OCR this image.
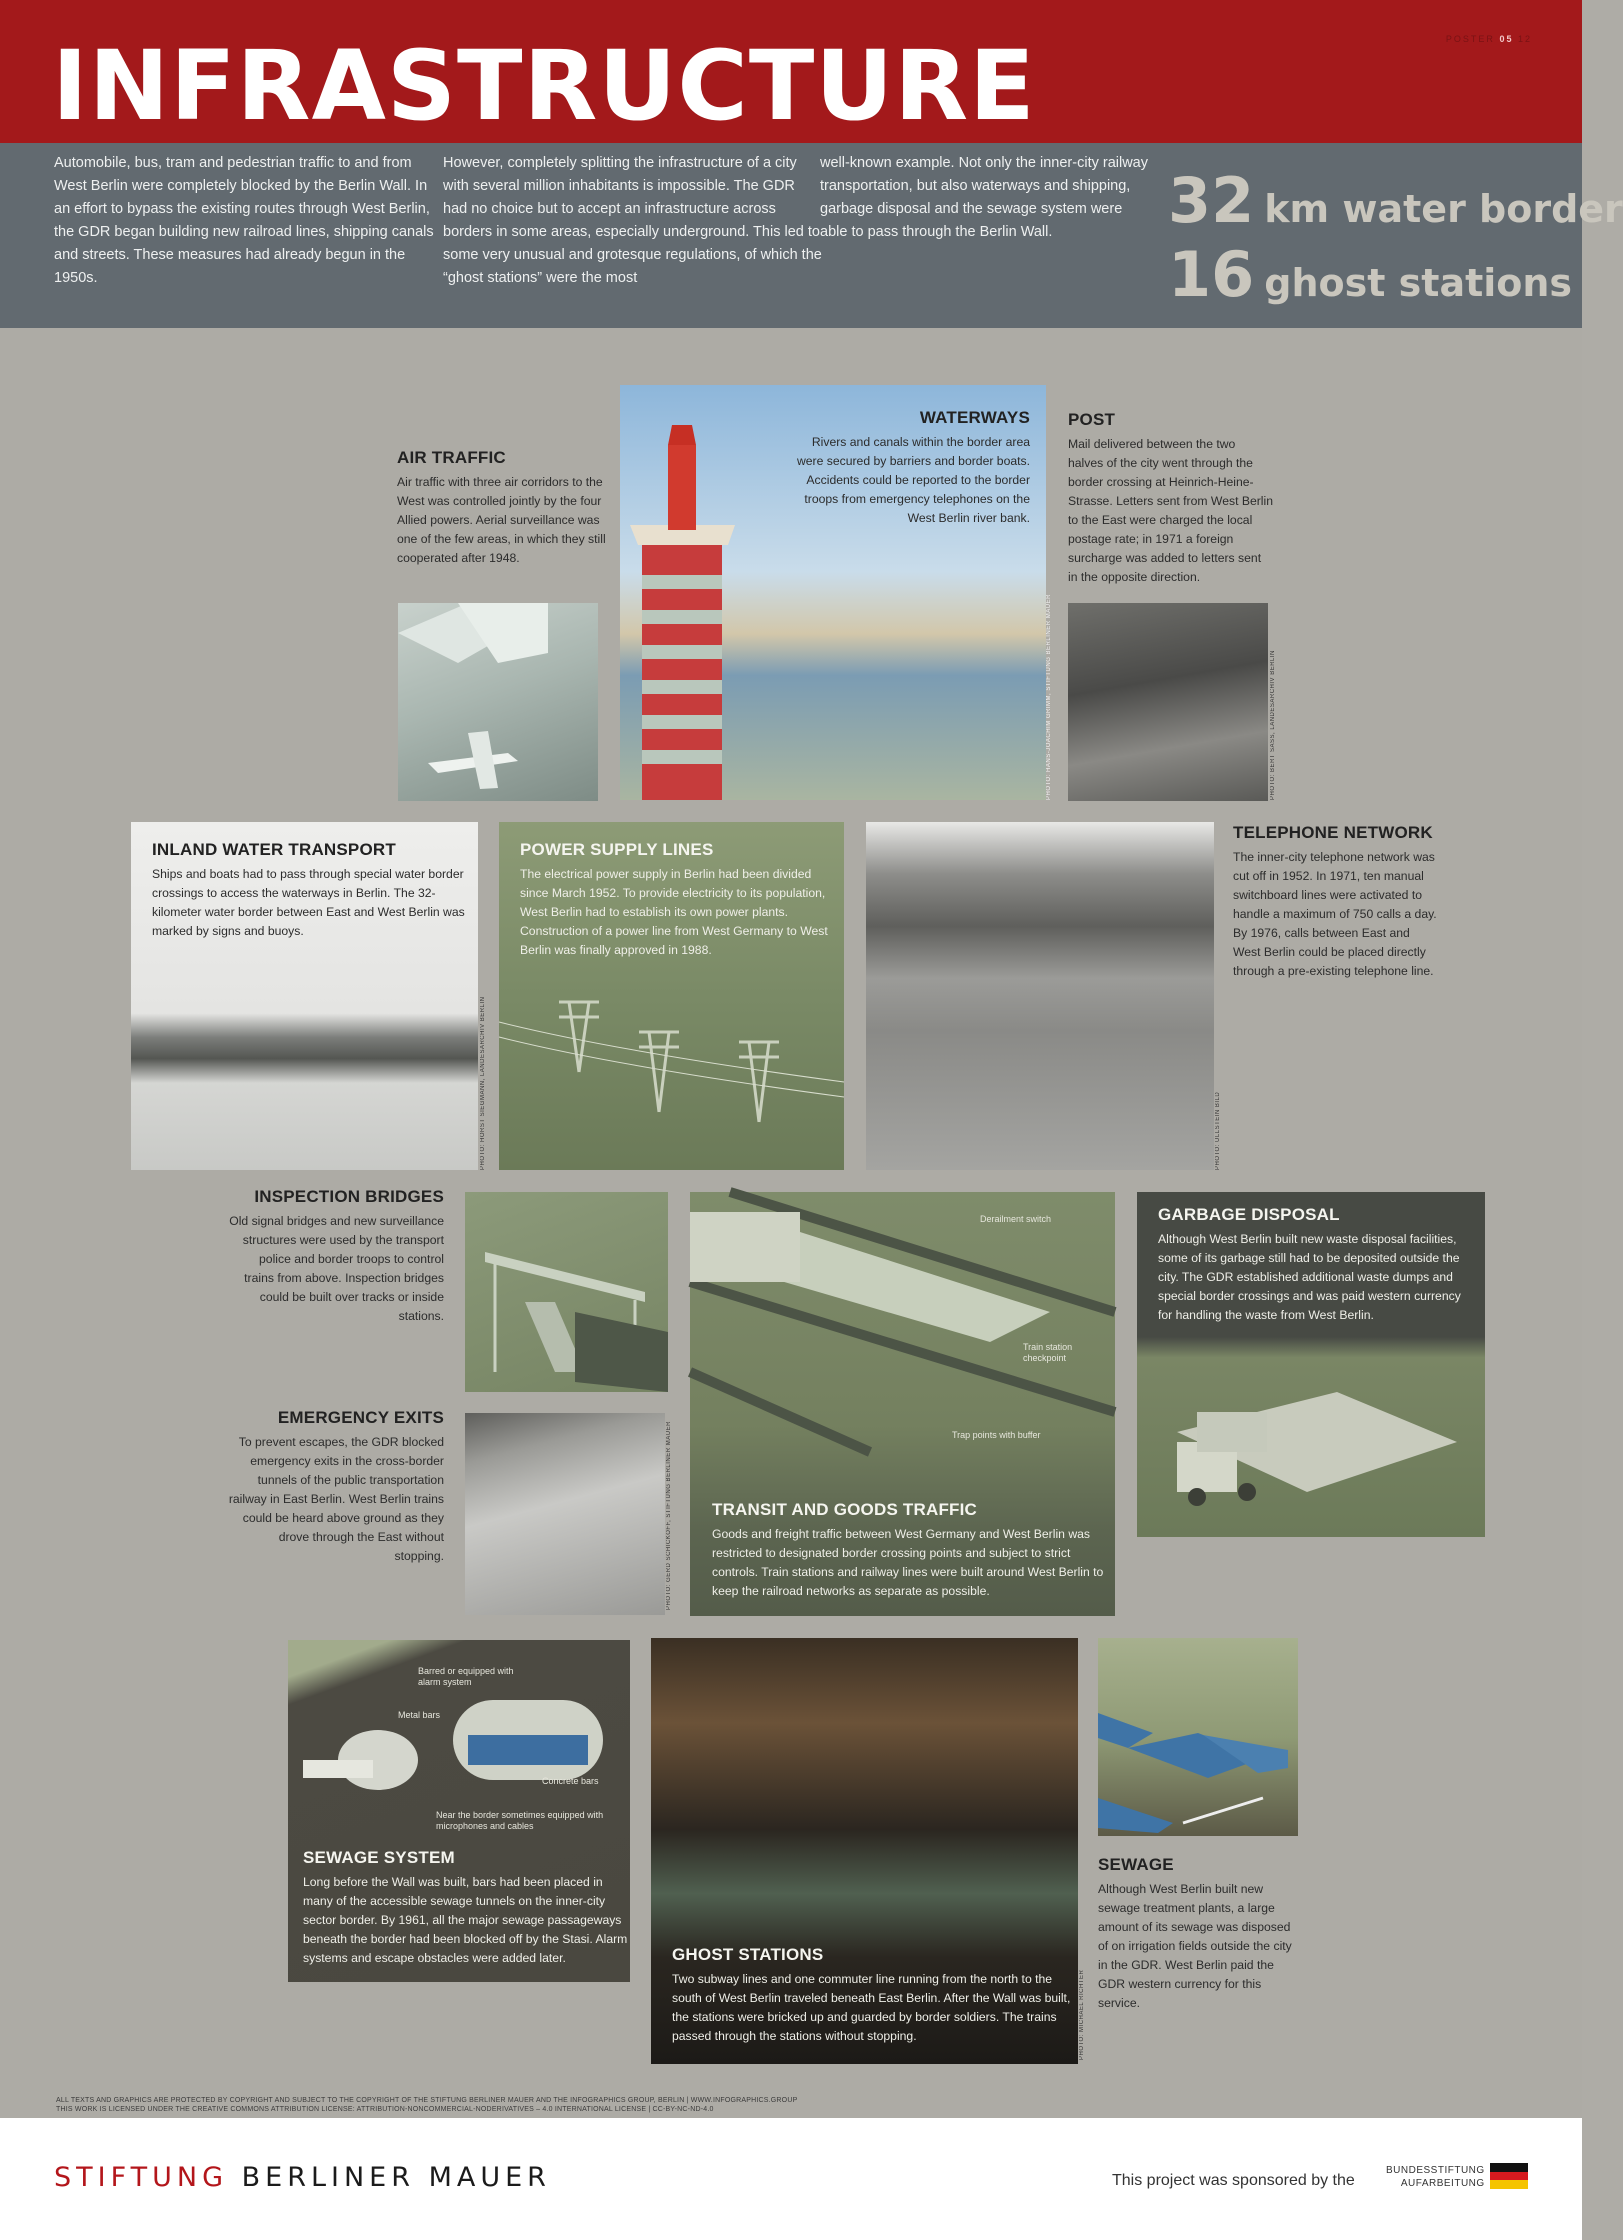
INFRASTRUCTURE	POSTER 05 12
Automobile, bus, tram and pedestrian traffic to and from West Berlin were completely blocked by the Berlin Wall. In an effort to bypass the existing routes through West Berlin, the GDR began building new railroad lines, shipping canals and streets. These measures had already begun in the 1950s.
However, completely splitting the infrastructure of a city with several million inhabitants is impossible. The GDR had no choice but to accept an infrastructure across borders in some areas, especially underground. This led to some very unusual and grotesque regulations, of which the “ghost stations” were the most
well-known example. Not only the inner-city railway transportation, but also waterways and shipping, garbage disposal and the sewage system were able to pass through the Berlin Wall.	32 km water border
16 ghost stations
AIR TRAFFIC

Air traffic with three air corridors to the West was controlled jointly by the four Allied powers. Aerial surveillance was one of the few areas, in which they still cooperated after 1948.

WATERWAYS

Rivers and canals within the border area were secured by barriers and border boats. Accidents could be reported to the border troops from emergency telephones on the West Berlin river bank.

PHOTO: HANS-JOACHIM GRIMM, STIFTUNG BERLINER MAUER
POST

Mail delivered between the two halves of the city went through the border crossing at Heinrich-Heine-Strasse. Letters sent from West Berlin to the East were charged the local postage rate; in 1971 a foreign surcharge was added to letters sent in the opposite direction.

PHOTO: BERT SASS, LANDESARCHIV BERLIN
INLAND WATER TRANSPORT

Ships and boats had to pass through special water border crossings to access the waterways in Berlin. The 32-kilometer water border between East and West Berlin was marked by signs and buoys.

PHOTO: HORST SIEGMANN, LANDESARCHIV BERLIN
POWER SUPPLY LINES

The electrical power supply in Berlin had been divided since March 1952. To provide electricity to its population, West Berlin had to establish its own power plants. Construction of a power line from West Germany to West Berlin was finally approved in 1988.

PHOTO: ULLSTEIN BILD
TELEPHONE NETWORK

The inner-city telephone network was cut off in 1952. In 1971, ten manual switchboard lines were activated to handle a maximum of 750 calls a day. By 1976, calls between East and West Berlin could be placed directly through a pre-existing telephone line.

INSPECTION BRIDGES

Old signal bridges and new surveillance structures were used by the transport police and border troops to control trains from above. Inspection bridges could be built over tracks or inside stations.

EMERGENCY EXITS

To prevent escapes, the GDR blocked emergency exits in the cross-border tunnels of the public transportation railway in East Berlin. West Berlin trains could be heard above ground as they drove through the East without stopping.	PHOTO: GERD SCHICKOFF, STIFTUNG BERLINER MAUER
Derailment switch
Train station checkpoint
Trap points with buffer
TRANSIT AND GOODS TRAFFIC

Goods and freight traffic between West Germany and West Berlin was restricted to designated border crossing points and subject to strict controls. Train stations and railway lines were built around West Berlin to keep the railroad networks as separate as possible.

GARBAGE DISPOSAL

Although West Berlin built new waste disposal facilities, some of its garbage still had to be deposited outside the city. The GDR established additional waste dumps and special border crossings and was paid western currency for handling the waste from West Berlin.

Barred or equipped with alarm system
Metal bars
Concrete bars
Near the border sometimes equipped with microphones and cables
SEWAGE SYSTEM

Long before the Wall was built, bars had been placed in many of the accessible sewage tunnels on the inner-city sector border. By 1961, all the major sewage passageways beneath the border had been blocked off by the Stasi. Alarm systems and escape obstacles were added later.

PHOTO: MICHAEL RICHTER
GHOST STATIONS

Two subway lines and one commuter line running from the north to the south of West Berlin traveled beneath East Berlin. After the Wall was built, the stations were bricked up and guarded by border soldiers. The trains passed through the stations without stopping.

SEWAGE

Although West Berlin built new sewage treatment plants, a large amount of its sewage was disposed of on irrigation fields outside the city in the GDR. West Berlin paid the GDR western currency for this service.

ALL TEXTS AND GRAPHICS ARE PROTECTED BY COPYRIGHT AND SUBJECT TO THE COPYRIGHT OF THE STIFTUNG BERLINER MAUER AND THE INFOGRAPHICS GROUP, BERLIN | WWW.INFOGRAPHICS.GROUP
THIS WORK IS LICENSED UNDER THE CREATIVE COMMONS ATTRIBUTION LICENSE: ATTRIBUTION-NONCOMMERCIAL-NODERIVATIVES – 4.0 INTERNATIONAL LICENSE | CC-BY-NC-ND-4.0
STIFTUNG BERLINER MAUER	This project was sponsored by the
BUNDESSTIFTUNG
AUFARBEITUNG
